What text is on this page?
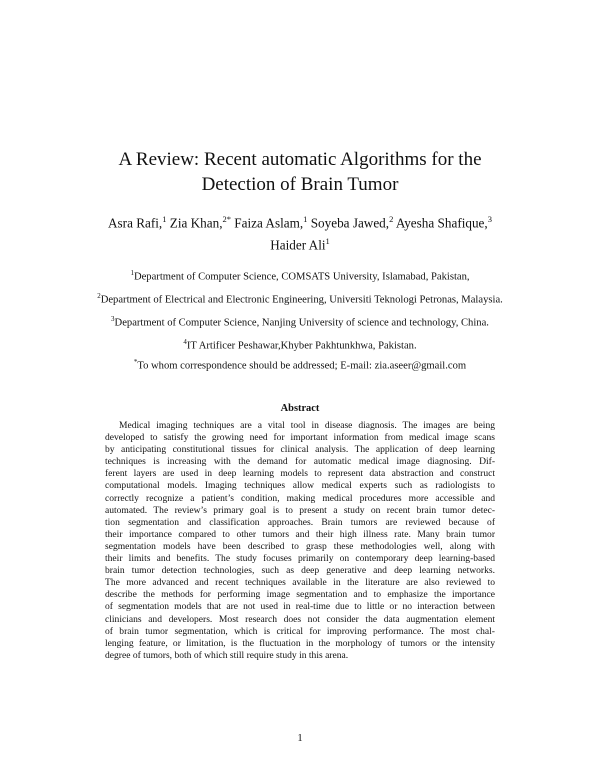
A Review: Recent automatic Algorithms for the
Detection of Brain Tumor
Asra Rafi,$^1$ Zia Khan,$^{2*}$ Faiza Aslam,$^1$ Soyeba Jawed,$^2$ Ayesha Shafique,$^3$
Haider Ali$^1$
$^1$Department of Computer Science, COMSATS University, Islamabad, Pakistan,
$^2$Department of Electrical and Electronic Engineering, Universiti Teknologi Petronas, Malaysia.
$^3$Department of Computer Science, Nanjing University of science and technology, China.
$^4$IT Artificer Peshawar,Khyber Pakhtunkhwa, Pakistan.
*To whom correspondence should be addressed; E-mail: zia.aseer@gmail.com
Abstract
Medical imaging techniques are a vital tool in disease diagnosis. The images are being
developed to satisfy the growing need for important information from medical image scans
by anticipating constitutional tissues for clinical analysis. The application of deep learning
techniques is increasing with the demand for automatic medical image diagnosing. Dif-
ferent layers are used in deep learning models to represent data abstraction and construct
computational models. Imaging techniques allow medical experts such as radiologists to
correctly recognize a patient’s condition, making medical procedures more accessible and
automated. The review’s primary goal is to present a study on recent brain tumor detec-
tion segmentation and classification approaches. Brain tumors are reviewed because of
their importance compared to other tumors and their high illness rate. Many brain tumor
segmentation models have been described to grasp these methodologies well, along with
their limits and benefits. The study focuses primarily on contemporary deep learning-based
brain tumor detection technologies, such as deep generative and deep learning networks.
The more advanced and recent techniques available in the literature are also reviewed to
describe the methods for performing image segmentation and to emphasize the importance
of segmentation models that are not used in real-time due to little or no interaction between
clinicians and developers. Most research does not consider the data augmentation element
of brain tumor segmentation, which is critical for improving performance. The most chal-
lenging feature, or limitation, is the fluctuation in the morphology of tumors or the intensity
degree of tumors, both of which still require study in this arena.
1
